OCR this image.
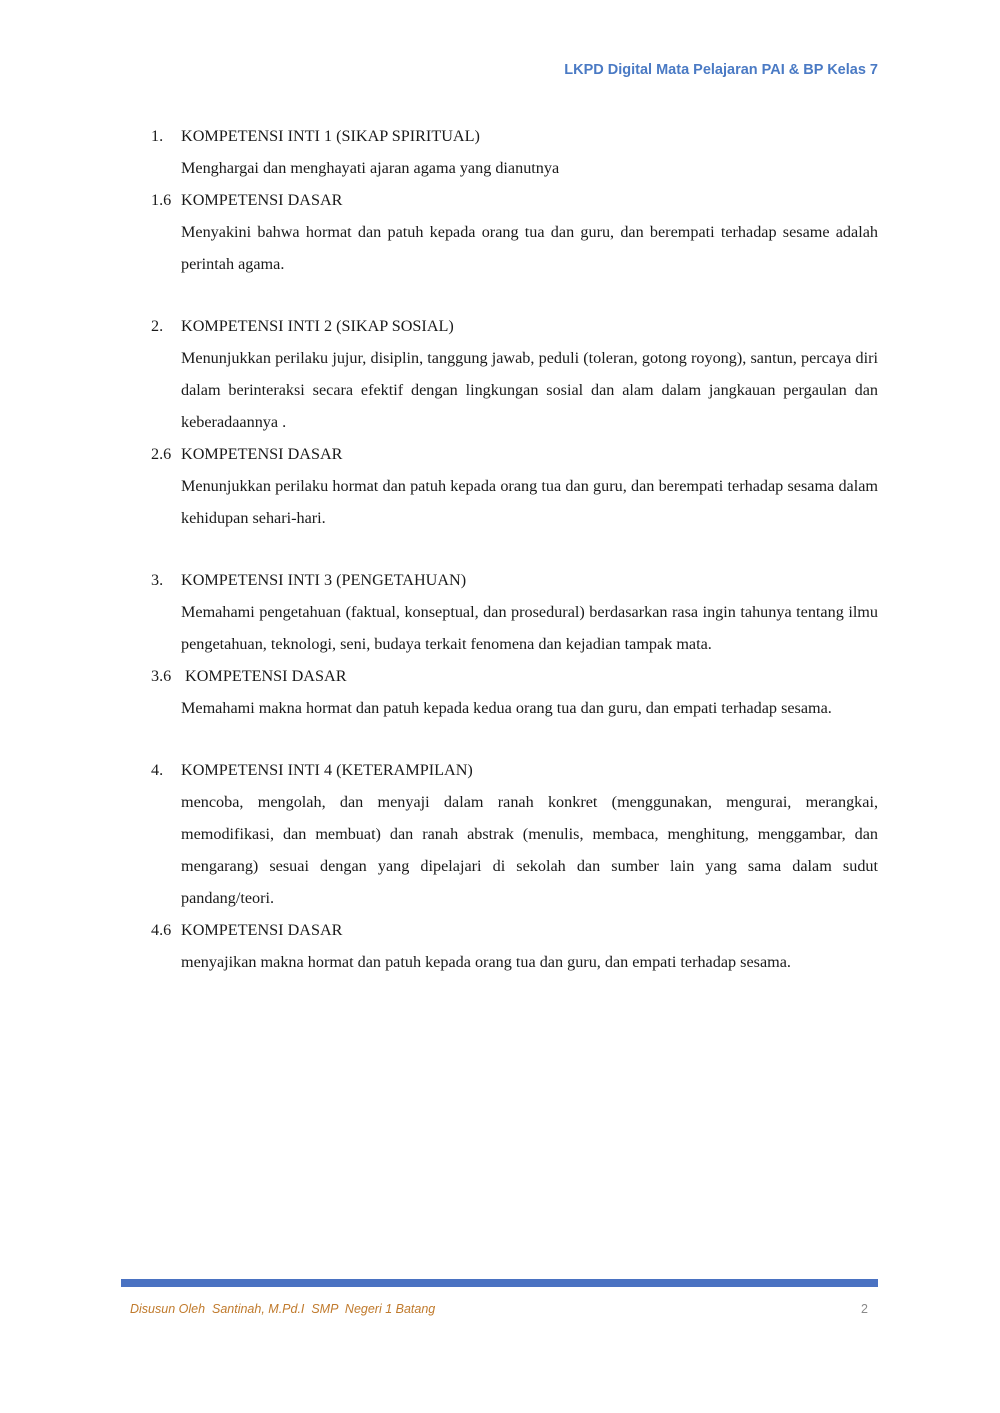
LKPD Digital Mata Pelajaran PAI & BP Kelas 7
1. KOMPETENSI INTI 1 (SIKAP SPIRITUAL)
Menghargai dan menghayati ajaran agama yang dianutnya
1.6 KOMPETENSI DASAR
Menyakini bahwa hormat dan patuh kepada orang tua dan guru, dan berempati terhadap sesame adalah perintah agama.
2. KOMPETENSI INTI 2 (SIKAP SOSIAL)
Menunjukkan perilaku jujur, disiplin, tanggung jawab, peduli (toleran, gotong royong), santun, percaya diri dalam berinteraksi secara efektif dengan lingkungan sosial dan alam dalam jangkauan pergaulan dan keberadaannya .
2.6 KOMPETENSI DASAR
Menunjukkan perilaku hormat dan patuh kepada orang tua dan guru, dan berempati terhadap sesama dalam kehidupan sehari-hari.
3. KOMPETENSI INTI 3 (PENGETAHUAN)
Memahami pengetahuan (faktual, konseptual, dan prosedural) berdasarkan rasa ingin tahunya tentang ilmu pengetahuan, teknologi, seni, budaya terkait fenomena dan kejadian tampak mata.
3.6 KOMPETENSI DASAR
Memahami makna hormat dan patuh kepada kedua orang tua dan guru, dan empati terhadap sesama.
4. KOMPETENSI INTI 4 (KETERAMPILAN)
mencoba, mengolah, dan menyaji dalam ranah konkret (menggunakan, mengurai, merangkai, memodifikasi, dan membuat) dan ranah abstrak (menulis, membaca, menghitung, menggambar, dan mengarang) sesuai dengan yang dipelajari di sekolah dan sumber lain yang sama dalam sudut pandang/teori.
4.6 KOMPETENSI DASAR
menyajikan makna hormat dan patuh kepada orang tua dan guru, dan empati terhadap sesama.
Disusun Oleh  Santinah, M.Pd.I  SMP  Negeri 1 Batang	2
